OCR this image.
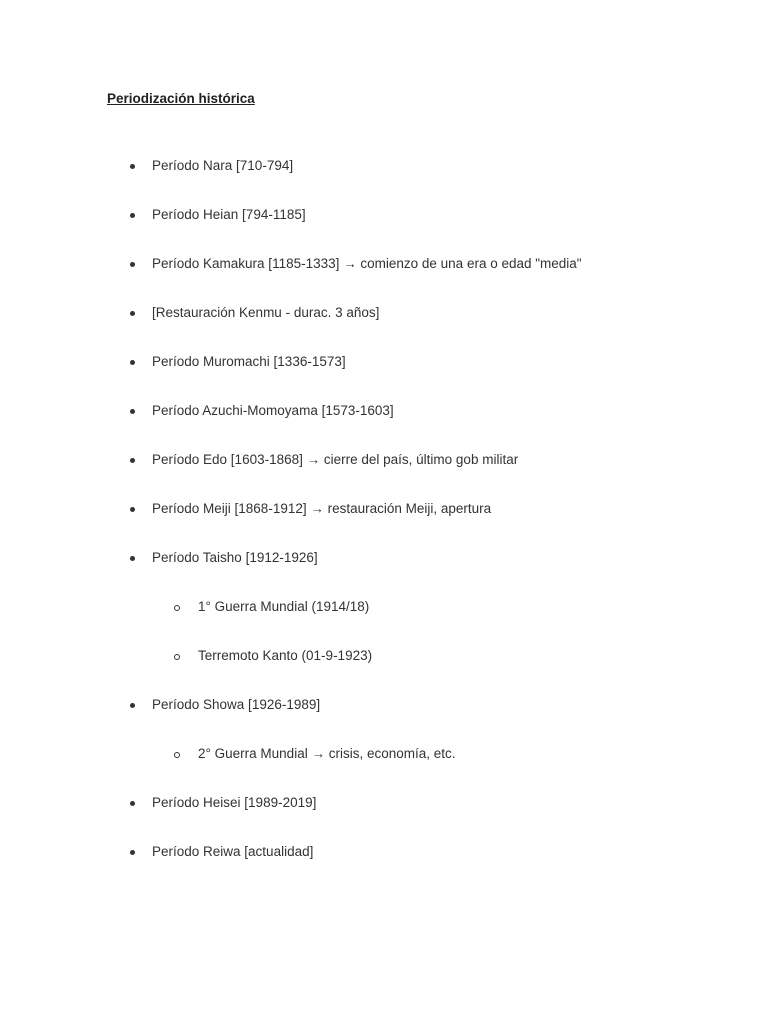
Periodización histórica
Período Nara [710-794]
Período Heian [794-1185]
Período Kamakura [1185-1333] → comienzo de una era o edad "media"
[Restauración Kenmu - durac. 3 años]
Período Muromachi [1336-1573]
Período Azuchi-Momoyama [1573-1603]
Período Edo [1603-1868] → cierre del país, último gob militar
Período Meiji [1868-1912] → restauración Meiji, apertura
Período Taisho [1912-1926]
1° Guerra Mundial (1914/18)
Terremoto Kanto (01-9-1923)
Período Showa [1926-1989]
2° Guerra Mundial → crisis, economía, etc.
Período Heisei [1989-2019]
Período Reiwa [actualidad]
